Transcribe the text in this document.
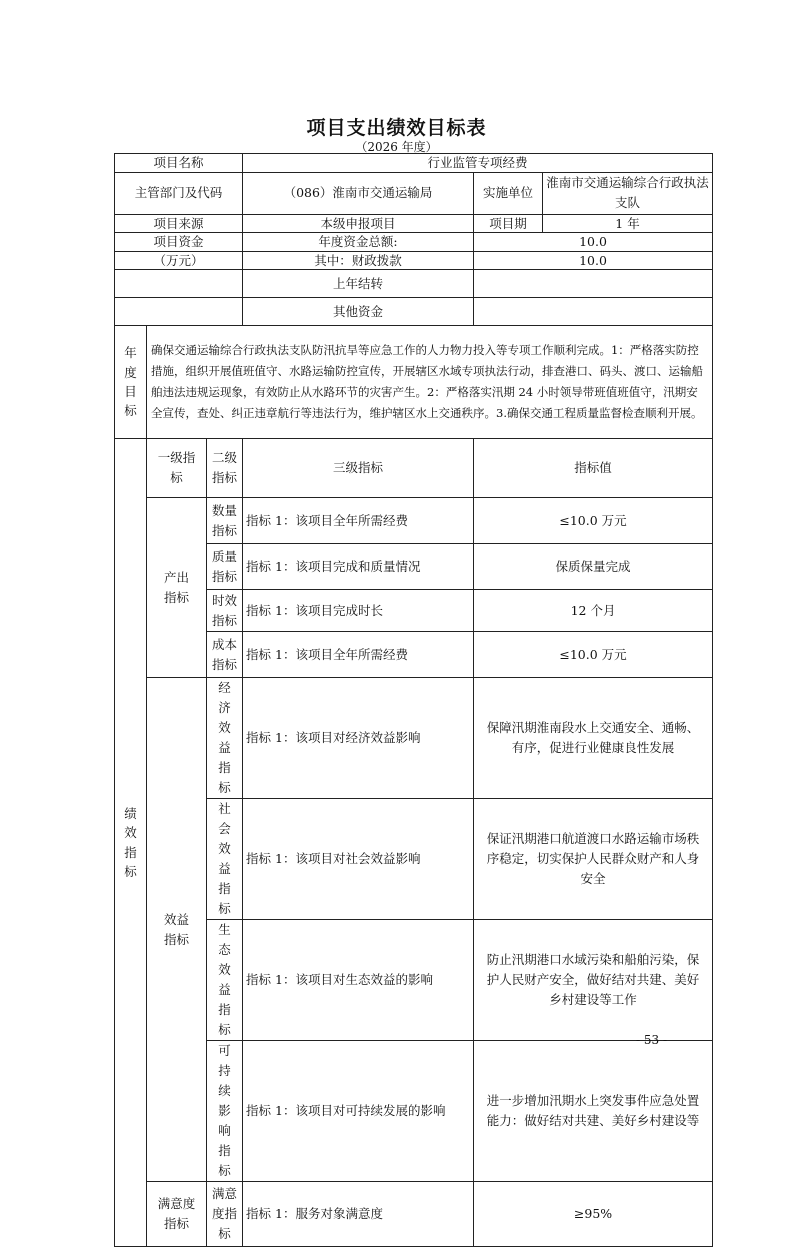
项目支出绩效目标表
（2026 年度）
项目名称			行业监管专项经费		
主管部门及代码			（086）淮南市交通运输局	实施单位	淮南市交通运输综合行政执法支队
项目来源			本级申报项目	项目期	1 年
项目资金			年度资金总额:	10.0	
（万元）			其中：财政拨款	10.0	
			上年结转		
			其他资金		
年度目标	确保交通运输综合行政执法支队防汛抗旱等应急工作的人力物力投入等专项工作顺利完成。1：严格落实防控措施，组织开展值班值守、水路运输防控宣传，开展辖区水域专项执法行动，排查港口、码头、渡口、运输船舶违法违规运现象，有效防止从水路环节的灾害产生。2：严格落实汛期 24 小时领导带班值班值守，汛期安全宣传，查处、纠正违章航行等违法行为，维护辖区水上交通秩序。3.确保交通工程质量监督检查顺利开展。				
绩效指标	一级指标	二级指标	三级指标	指标值	
	产出指标	数量指标	指标 1：该项目全年所需经费	≤10.0 万元	
		质量指标	指标 1：该项目完成和质量情况	保质保量完成	
		时效指标	指标 1：该项目完成时长	12 个月	
		成本指标	指标 1：该项目全年所需经费	≤10.0 万元	
	效益指标	经济效益指标	指标 1：该项目对经济效益影响	保障汛期淮南段水上交通安全、通畅、有序，促进行业健康良性发展	
		社会效益指标	指标 1：该项目对社会效益影响	保证汛期港口航道渡口水路运输市场秩序稳定，切实保护人民群众财产和人身安全	
		生态效益指标	指标 1：该项目对生态效益的影响	防止汛期港口水域污染和船舶污染，保护人民财产安全，做好结对共建、美好乡村建设等工作	
		可持续影响指标	指标 1：该项目对可持续发展的影响	进一步增加汛期水上突发事件应急处置能力：做好结对共建、美好乡村建设等	
	满意度指标	满意度指标	指标 1：服务对象满意度	≥95%	
- 53 -
